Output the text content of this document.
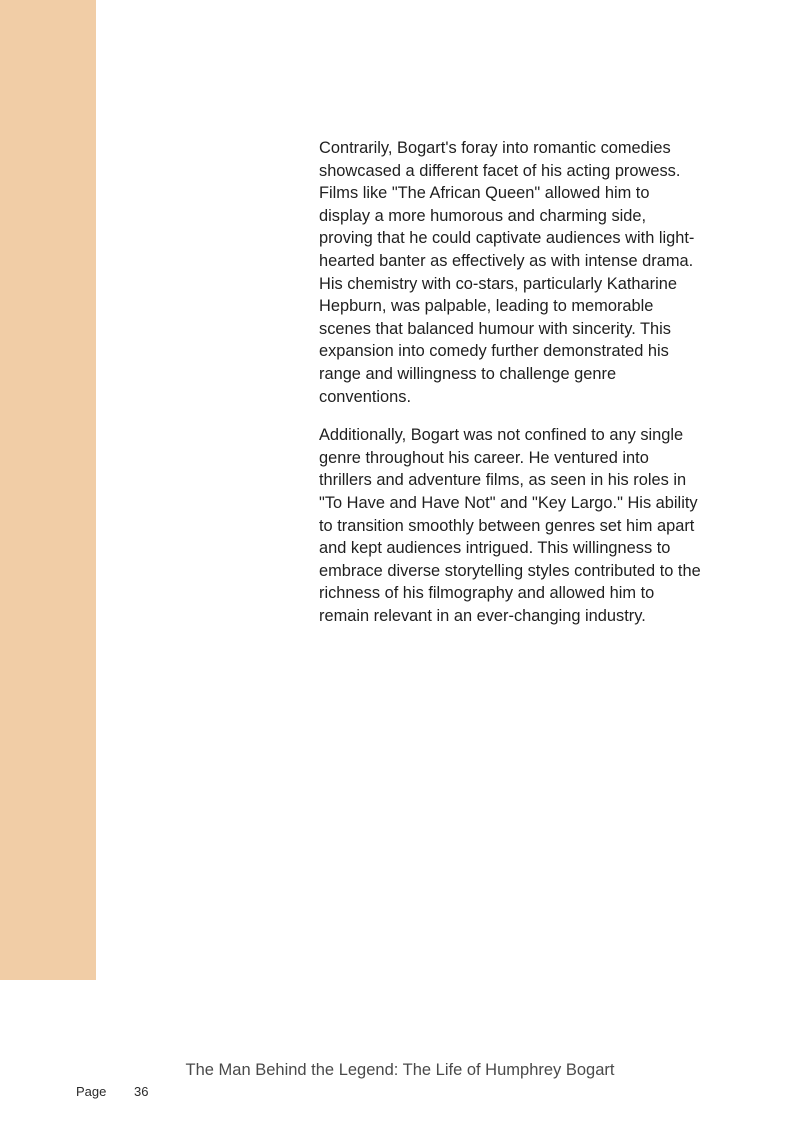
Contrarily, Bogart's foray into romantic comedies showcased a different facet of his acting prowess. Films like "The African Queen" allowed him to display a more humorous and charming side, proving that he could captivate audiences with light-hearted banter as effectively as with intense drama. His chemistry with co-stars, particularly Katharine Hepburn, was palpable, leading to memorable scenes that balanced humour with sincerity. This expansion into comedy further demonstrated his range and willingness to challenge genre conventions.

Additionally, Bogart was not confined to any single genre throughout his career. He ventured into thrillers and adventure films, as seen in his roles in "To Have and Have Not" and "Key Largo." His ability to transition smoothly between genres set him apart and kept audiences intrigued. This willingness to embrace diverse storytelling styles contributed to the richness of his filmography and allowed him to remain relevant in an ever-changing industry.

The Man Behind the Legend: The Life of Humphrey Bogart
Page 36
